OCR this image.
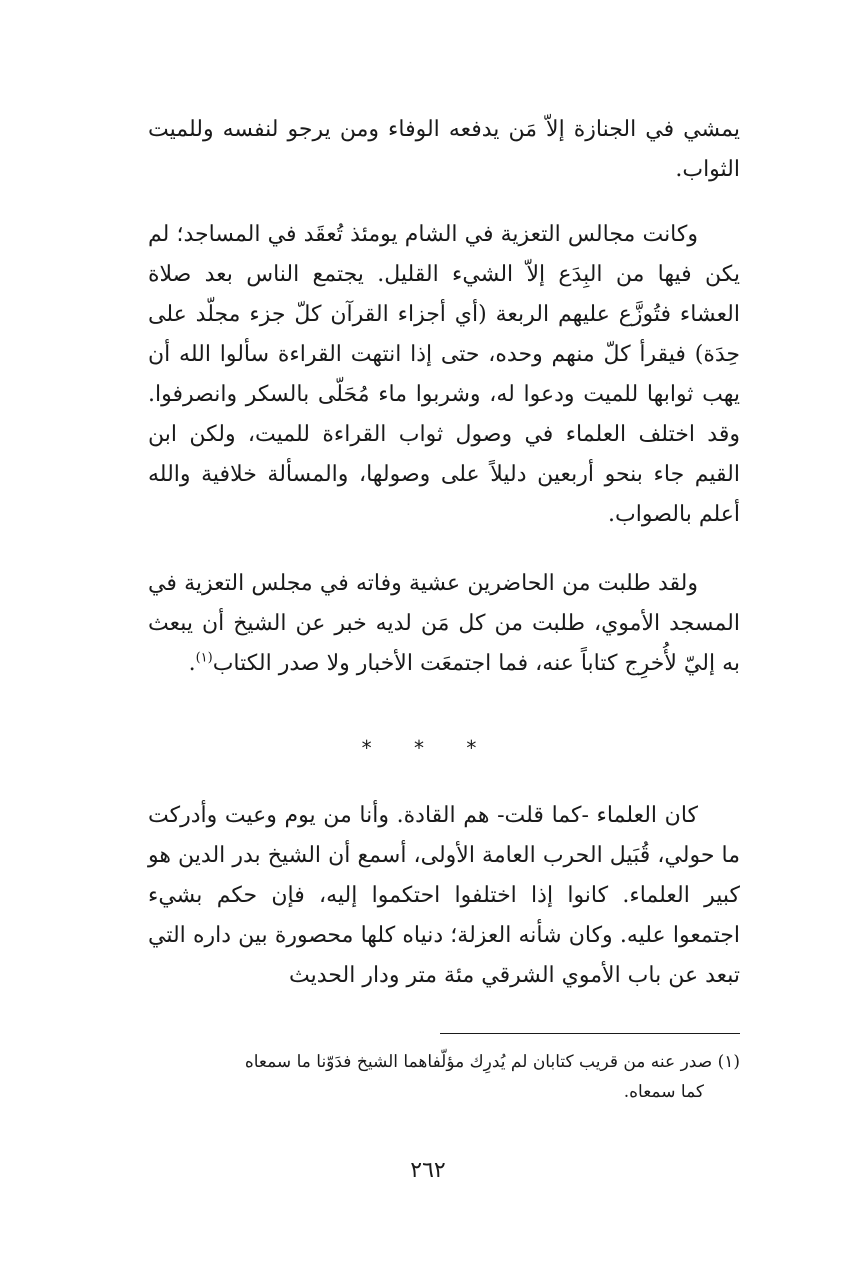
يمشي في الجنازة إلاّ مَن يدفعه الوفاء ومن يرجو لنفسه وللميت الثواب.

وكانت مجالس التعزية في الشام يومئذ تُعقَد في المساجد؛ لم يكن فيها من البِدَع إلاّ الشيء القليل. يجتمع الناس بعد صلاة العشاء فتُوزَّع عليهم الربعة (أي أجزاء القرآن كلّ جزء مجلّد على حِدَة) فيقرأ كلّ منهم وحده، حتى إذا انتهت القراءة سألوا الله أن يهب ثوابها للميت ودعوا له، وشربوا ماء مُحَلّى بالسكر وانصرفوا. وقد اختلف العلماء في وصول ثواب القراءة للميت، ولكن ابن القيم جاء بنحو أربعين دليلاً على وصولها، والمسألة خلافية والله أعلم بالصواب.

ولقد طلبت من الحاضرين عشية وفاته في مجلس التعزية في المسجد الأموي، طلبت من كل مَن لديه خبر عن الشيخ أن يبعث به إليّ لأُخرِج كتاباً عنه، فما اجتمعَت الأخبار ولا صدر الكتاب$^{(١)}$.

* * *

كان العلماء -كما قلت- هم القادة. وأنا من يوم وعيت وأدركت ما حولي، قُبَيل الحرب العامة الأولى، أسمع أن الشيخ بدر الدين هو كبير العلماء. كانوا إذا اختلفوا احتكموا إليه، فإن حكم بشيء اجتمعوا عليه. وكان شأنه العزلة؛ دنياه كلها محصورة بين داره التي تبعد عن باب الأموي الشرقي مئة متر ودار الحديث

(١) صدر عنه من قريب كتابان لم يُدرِك مؤلّفاهما الشيخ فدَوّنا ما سمعاه
كما سمعاه.
٢٦٢
